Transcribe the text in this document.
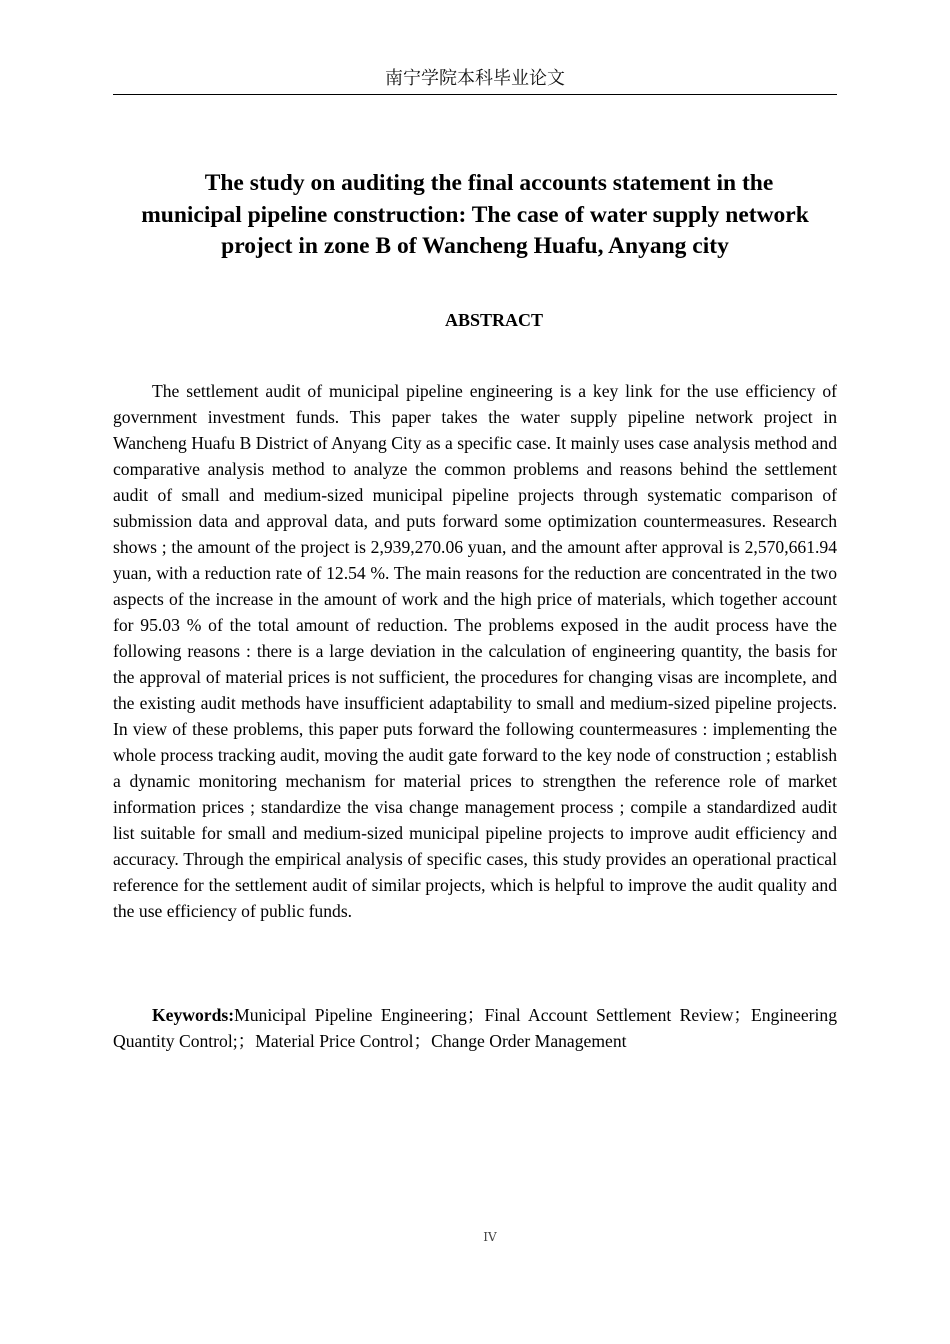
南宁学院本科毕业论文
The study on auditing the final accounts statement in the municipal pipeline construction: The case of water supply network project in zone B of Wancheng Huafu, Anyang city
ABSTRACT

The settlement audit of municipal pipeline engineering is a key link for the use efficiency of government investment funds. This paper takes the water supply pipeline network project in Wancheng Huafu B District of Anyang City as a specific case. It mainly uses case analysis method and comparative analysis method to analyze the common problems and reasons behind the settlement audit of small and medium-sized municipal pipeline projects through systematic comparison of submission data and approval data, and puts forward some optimization countermeasures. Research shows ; the amount of the project is 2,939,270.06 yuan, and the amount after approval is 2,570,661.94 yuan, with a reduction rate of 12.54 %. The main reasons for the reduction are concentrated in the two aspects of the increase in the amount of work and the high price of materials, which together account for 95.03 % of the total amount of reduction. The problems exposed in the audit process have the following reasons : there is a large deviation in the calculation of engineering quantity, the basis for the approval of material prices is not sufficient, the procedures for changing visas are incomplete, and the existing audit methods have insufficient adaptability to small and medium-sized pipeline projects. In view of these problems, this paper puts forward the following countermeasures : implementing the whole process tracking audit, moving the audit gate forward to the key node of construction ; establish a dynamic monitoring mechanism for material prices to strengthen the reference role of market information prices ; standardize the visa change management process ; compile a standardized audit list suitable for small and medium-sized municipal pipeline projects to improve audit efficiency and accuracy. Through the empirical analysis of specific cases, this study provides an operational practical reference for the settlement audit of similar projects, which is helpful to improve the audit quality and the use efficiency of public funds.

Keywords:Municipal Pipeline Engineering；Final Account Settlement Review；Engineering Quantity Control;；Material Price Control；Change Order Management

IV
